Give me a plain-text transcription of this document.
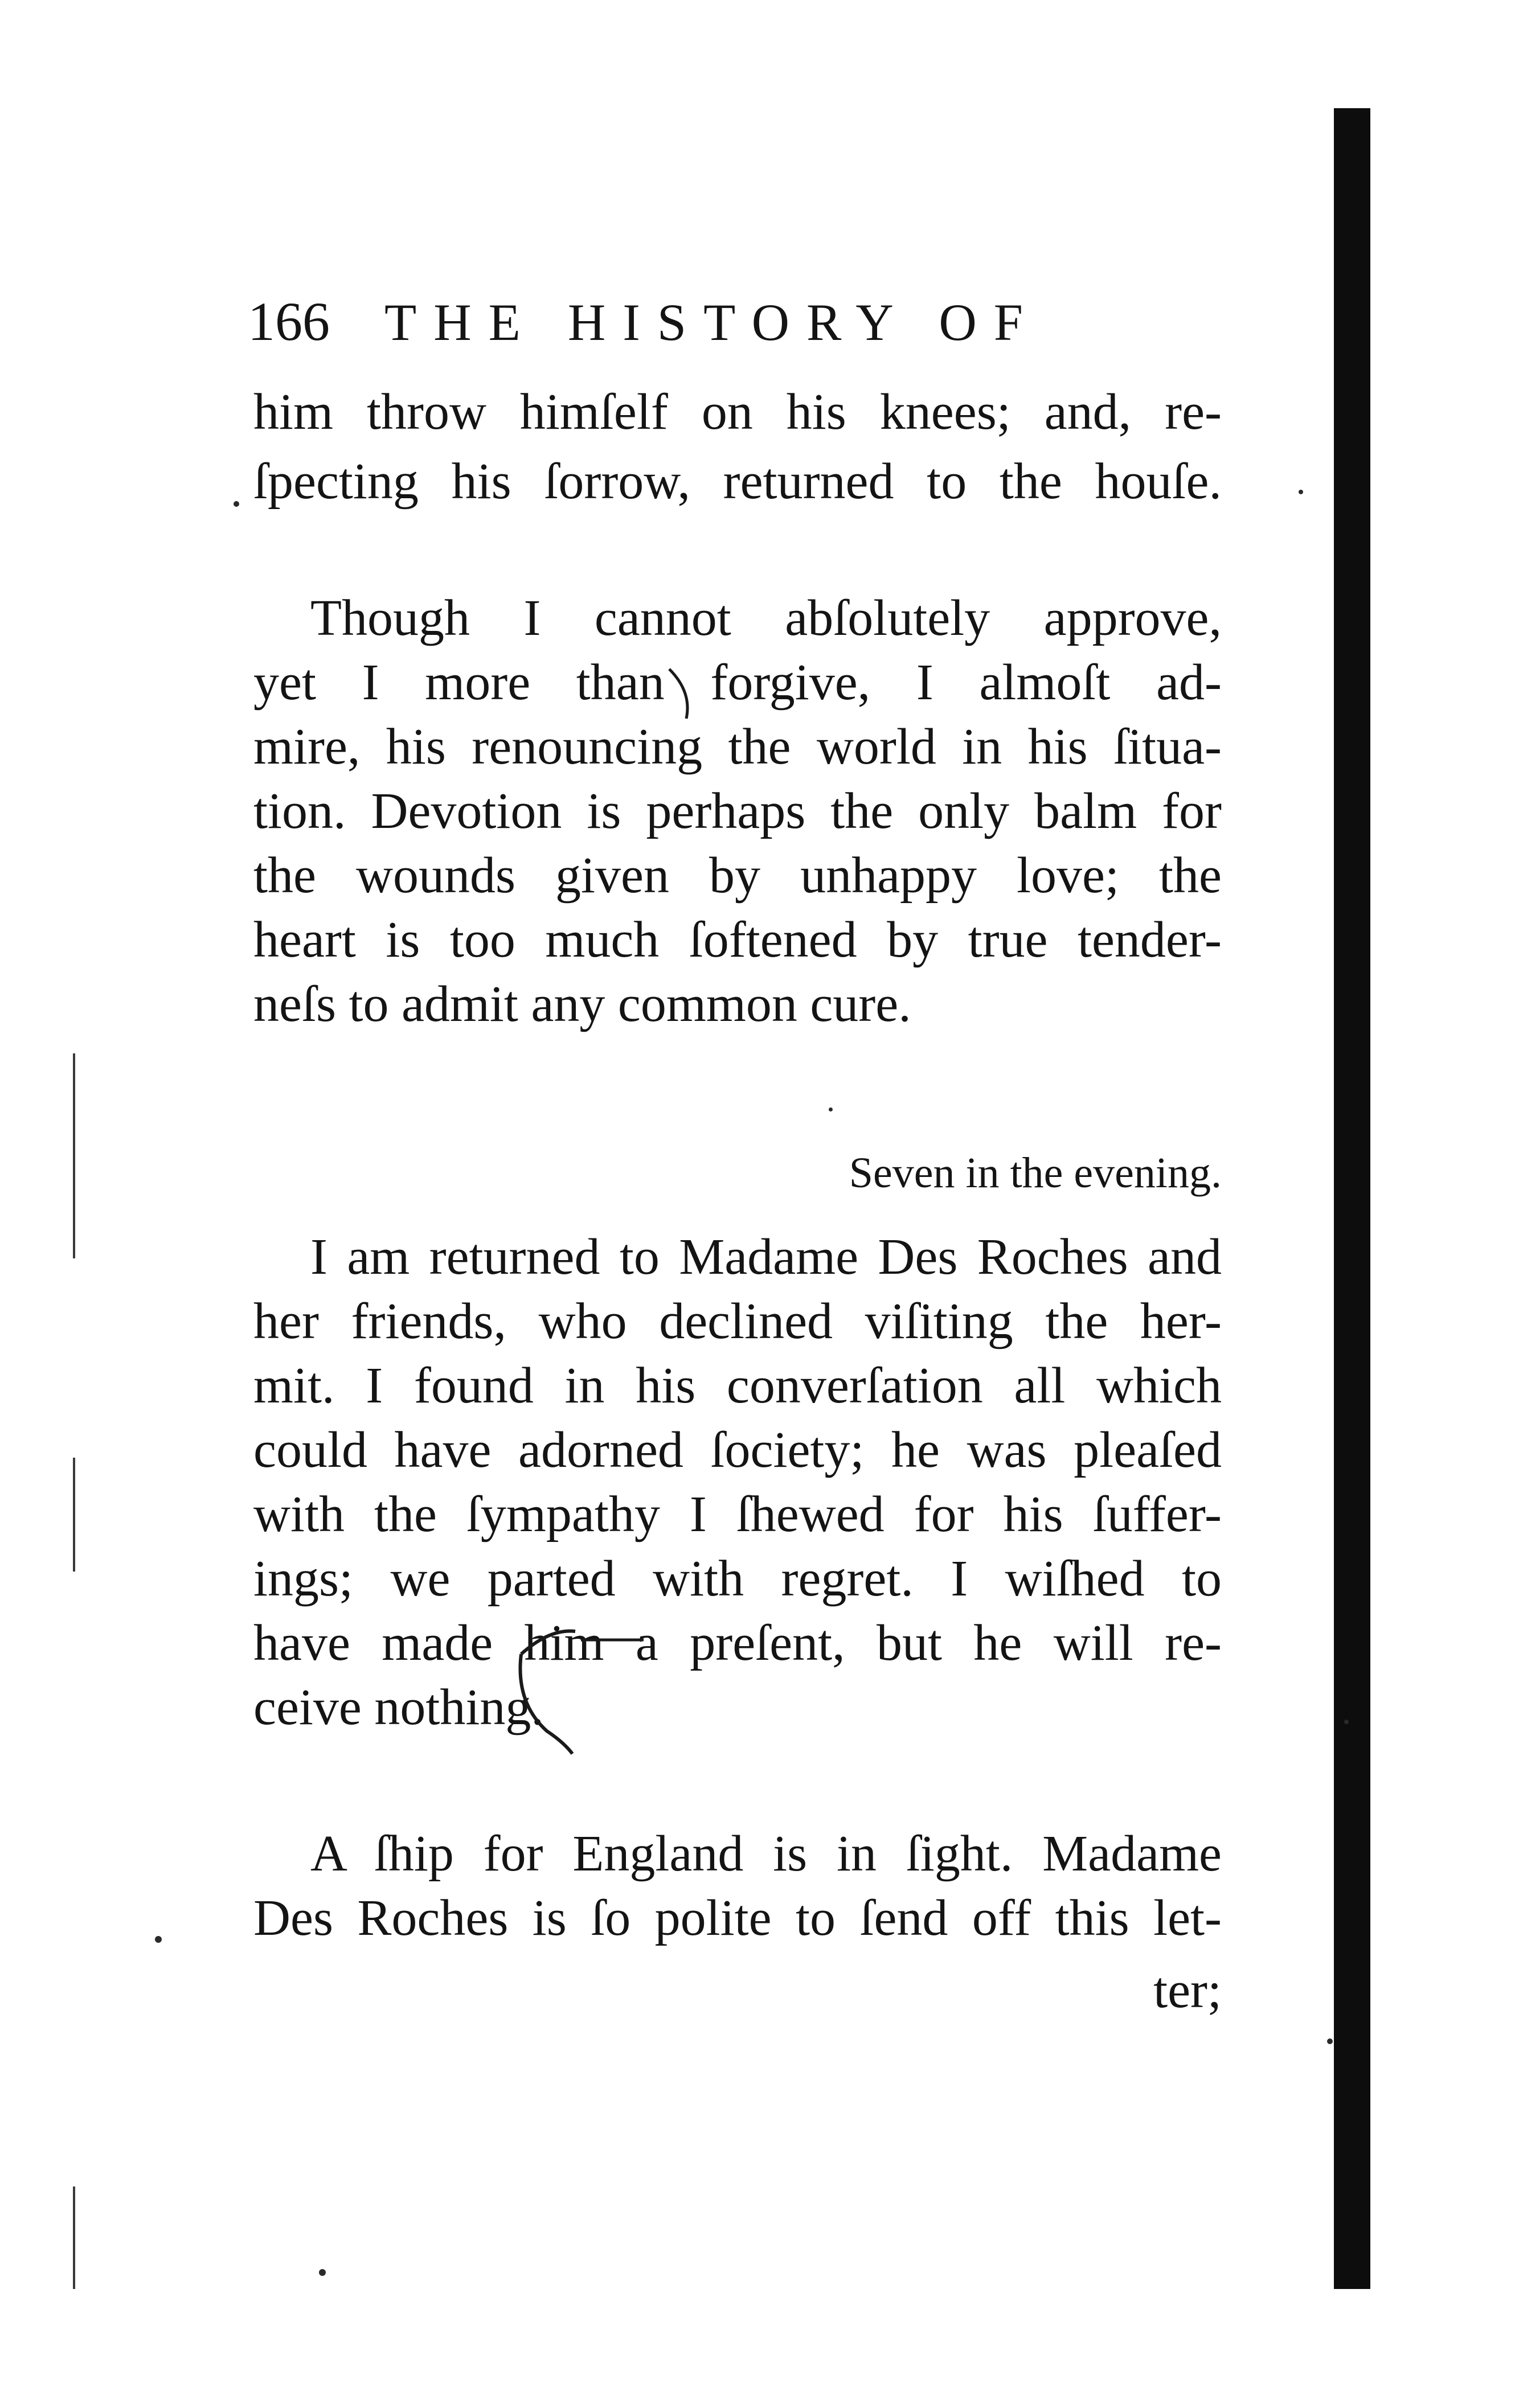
166 THE HISTORY OF
him throw himſelf on his knees; and, re-
ſpecting his ſorrow, returned to the houſe.
Though I cannot abſolutely approve,
yet I more than forgive, I almoſt ad-
mire, his renouncing the world in his ſitua-
tion. Devotion is perhaps the only balm for
the wounds given by unhappy love; the
heart is too much ſoftened by true tender-
neſs to admit any common cure.
Seven in the evening.
I am returned to Madame Des Roches and
her friends, who declined viſiting the her-
mit. I found in his converſation all which
could have adorned ſociety; he was pleaſed
with the ſympathy I ſhewed for his ſuffer-
ings; we parted with regret. I wiſhed to
have made him a preſent, but he will re-
ceive nothing.
A ſhip for England is in ſight. Madame
Des Roches is ſo polite to ſend off this let-
ter;
